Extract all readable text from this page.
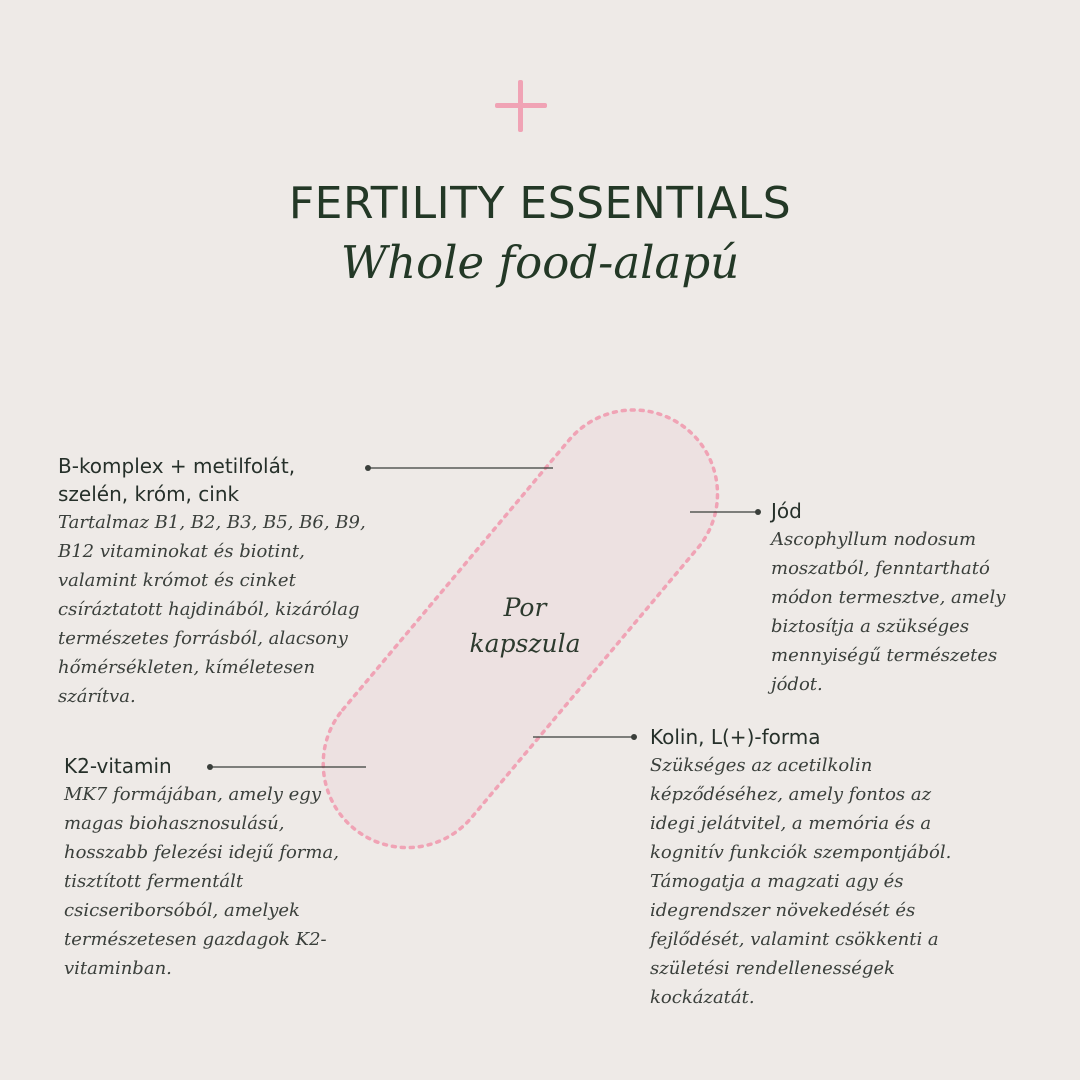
FERTILITY ESSENTIALS
Whole food-alapú
Por
kapszula
B-komplex + metilfolát,
szelén, króm, cink
Tartalmaz B1, B2, B3, B5, B6, B9,
B12 vitaminokat és biotint,
valamint krómot és cinket
csíráztatott hajdinából, kizárólag
természetes forrásból, alacsony
hőmérsékleten, kíméletesen
szárítva.
Jód
Ascophyllum nodosum
moszatból, fenntartható
módon termesztve, amely
biztosítja a szükséges
mennyiségű természetes
jódot.
Kolin, L(+)-forma
Szükséges az acetilkolin
képződéséhez, amely fontos az
idegi jelátvitel, a memória és a
kognitív funkciók szempontjából.
Támogatja a magzati agy és
idegrendszer növekedését és
fejlődését, valamint csökkenti a
születési rendellenességek
kockázatát.
K2-vitamin
MK7 formájában, amely egy
magas biohasznosulású,
hosszabb felezési idejű forma,
tisztított fermentált
csicseriborsóból, amelyek
természetesen gazdagok K2-
vitaminban.
